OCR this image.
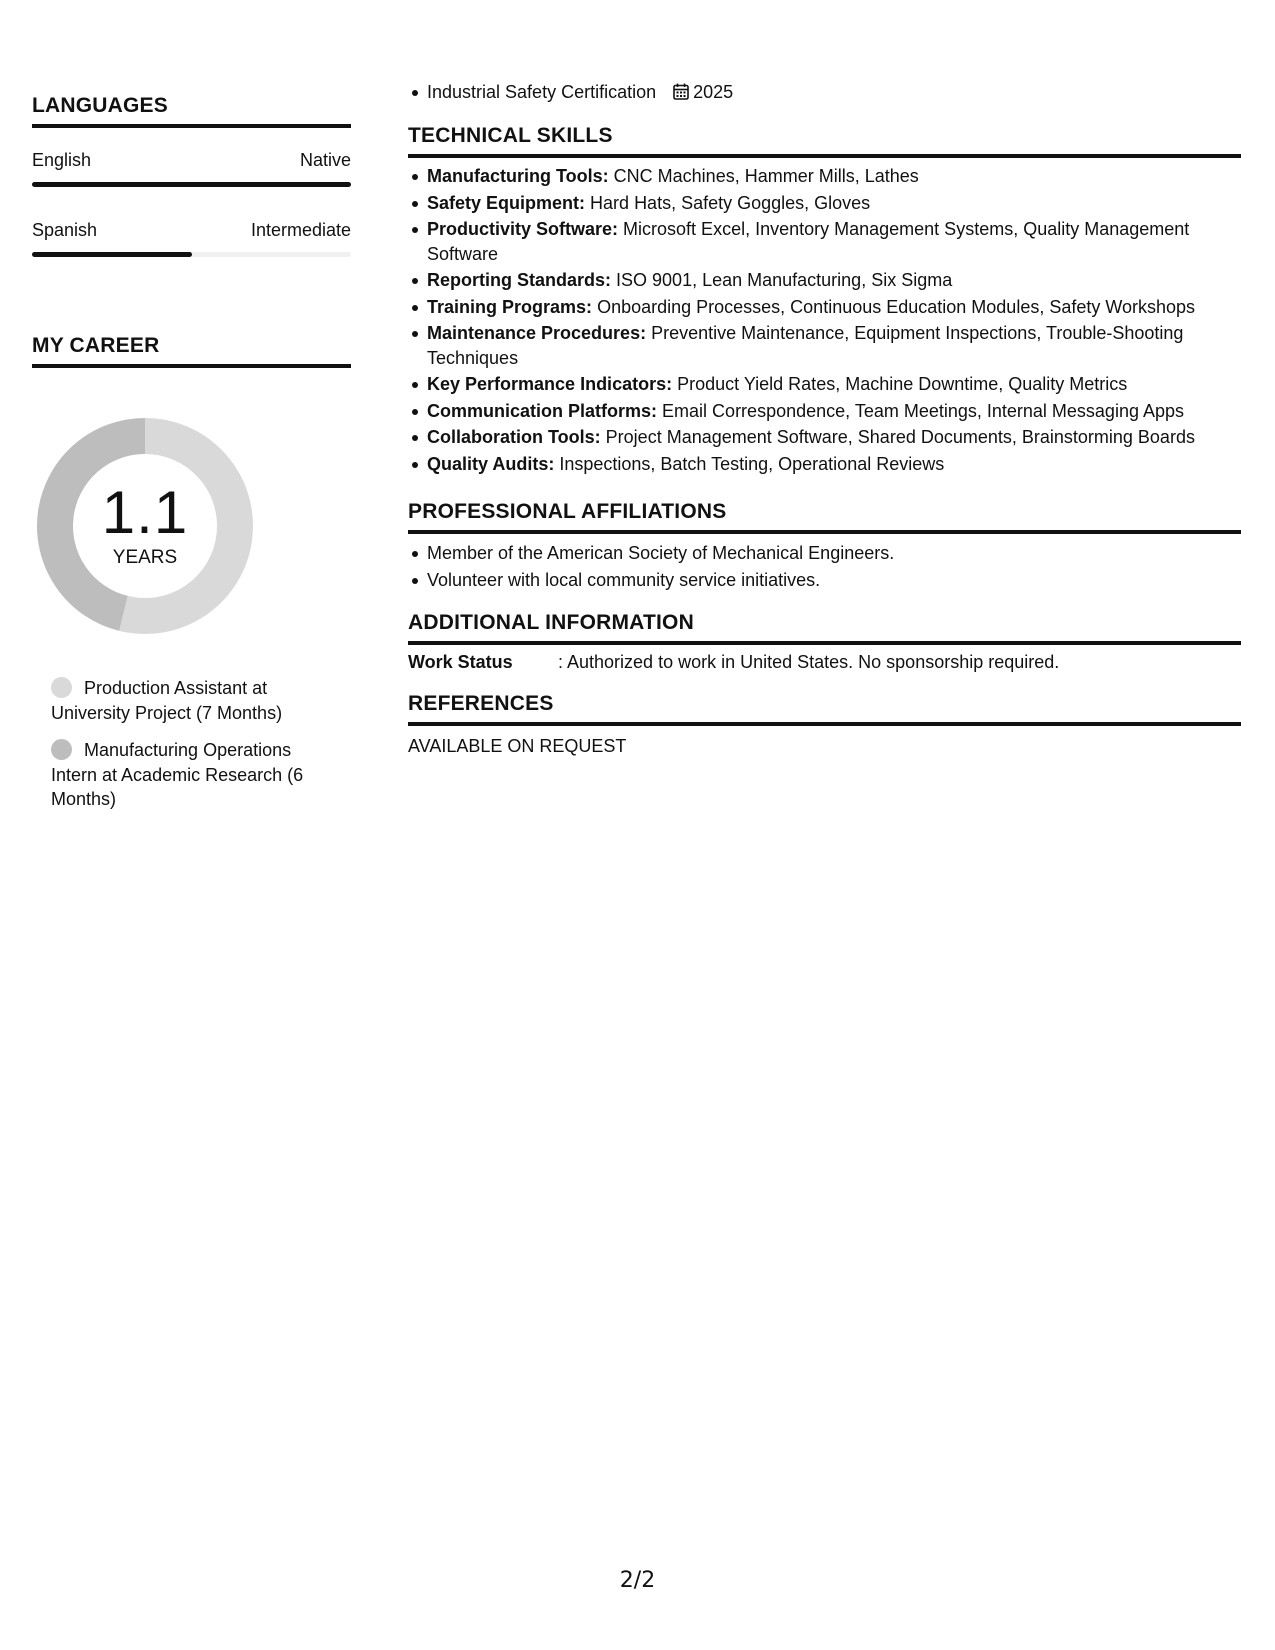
LANGUAGES
English	Native
Spanish	Intermediate
MY CAREER
1.1
YEARS
Production Assistant at University Project (7 Months)
Manufacturing Operations Intern at Academic Research (6 Months)
Industrial Safety Certification 2025
TECHNICAL SKILLS
Manufacturing Tools: CNC Machines, Hammer Mills, Lathes
Safety Equipment: Hard Hats, Safety Goggles, Gloves
Productivity Software: Microsoft Excel, Inventory Management Systems, Quality Management Software
Reporting Standards: ISO 9001, Lean Manufacturing, Six Sigma
Training Programs: Onboarding Processes, Continuous Education Modules, Safety Workshops
Maintenance Procedures: Preventive Maintenance, Equipment Inspections, Trouble-Shooting Techniques
Key Performance Indicators: Product Yield Rates, Machine Downtime, Quality Metrics
Communication Platforms: Email Correspondence, Team Meetings, Internal Messaging Apps
Collaboration Tools: Project Management Software, Shared Documents, Brainstorming Boards
Quality Audits: Inspections, Batch Testing, Operational Reviews
PROFESSIONAL AFFILIATIONS
Member of the American Society of Mechanical Engineers.
Volunteer with local community service initiatives.
ADDITIONAL INFORMATION
Work Status	: Authorized to work in United States. No sponsorship required.
REFERENCES
AVAILABLE ON REQUEST
2/2
